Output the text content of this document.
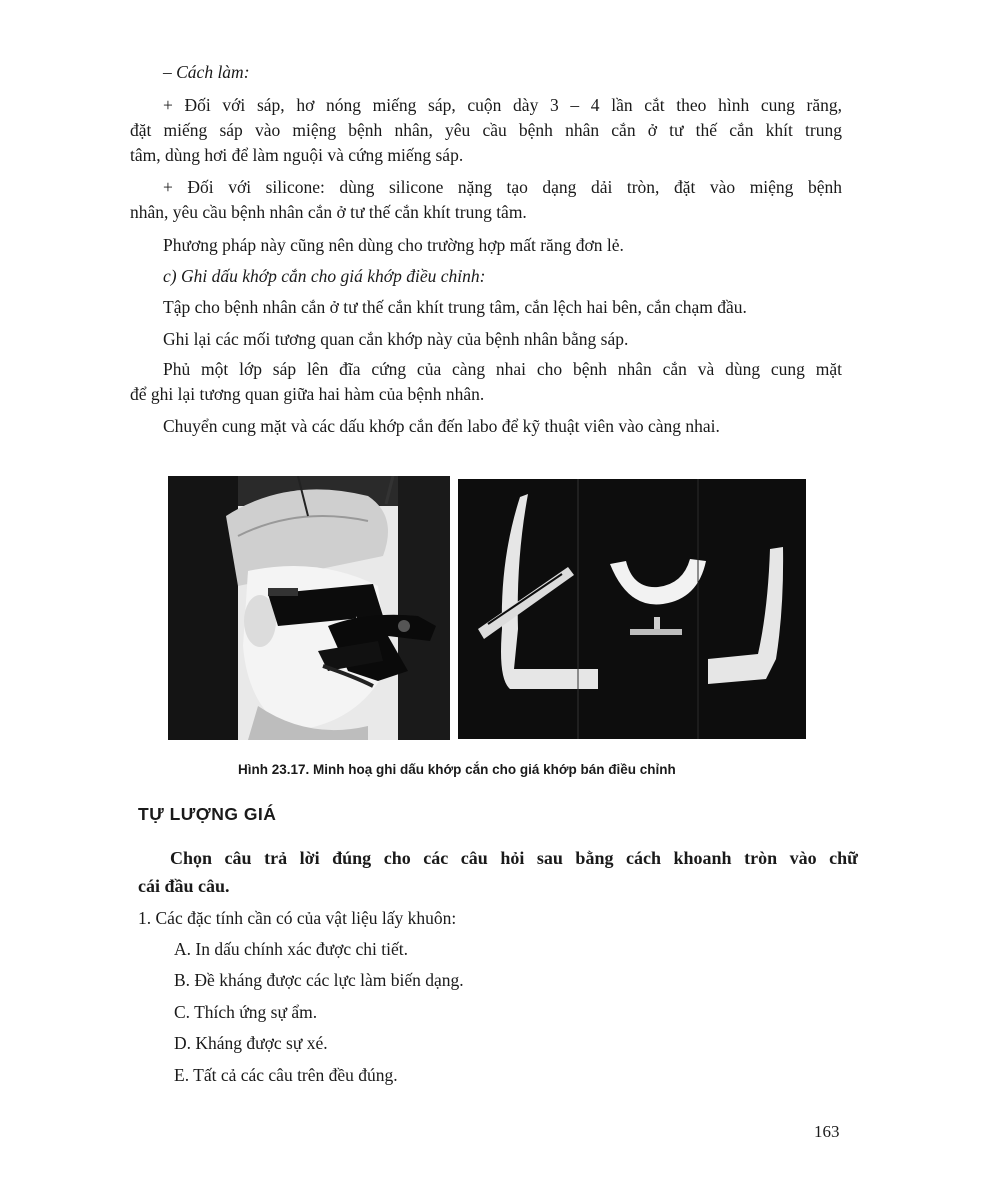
– Cách làm:
+ Đối với sáp, hơ nóng miếng sáp, cuộn dày 3 – 4 lần cắt theo hình cung răng,
đặt miếng sáp vào miệng bệnh nhân, yêu cầu bệnh nhân cắn ở tư thế cắn khít trung
tâm, dùng hơi để làm nguội và cứng miếng sáp.
+ Đối với silicone: dùng silicone nặng tạo dạng dải tròn, đặt vào miệng bệnh
nhân, yêu cầu bệnh nhân cắn ở tư thế cắn khít trung tâm.
Phương pháp này cũng nên dùng cho trường hợp mất răng đơn lẻ.
c) Ghi dấu khớp cắn cho giá khớp điều chỉnh:
Tập cho bệnh nhân cắn ở tư thế cắn khít trung tâm, cắn lệch hai bên, cắn chạm đầu.
Ghi lại các mối tương quan cắn khớp này của bệnh nhân bằng sáp.
Phủ một lớp sáp lên đĩa cứng của càng nhai cho bệnh nhân cắn và dùng cung mặt
để ghi lại tương quan giữa hai hàm của bệnh nhân.
Chuyển cung mặt và các dấu khớp cắn đến labo để kỹ thuật viên vào càng nhai.
Hình 23.17. Minh hoạ ghi dấu khớp cắn cho giá khớp bán điều chỉnh
TỰ LƯỢNG GIÁ
Chọn câu trả lời đúng cho các câu hỏi sau bằng cách khoanh tròn vào chữ
cái đầu câu.
1. Các đặc tính cần có của vật liệu lấy khuôn:
A. In dấu chính xác được chi tiết.
B. Đề kháng được các lực làm biến dạng.
C. Thích ứng sự ẩm.
D. Kháng được sự xé.
E. Tất cả các câu trên đều đúng.
163
